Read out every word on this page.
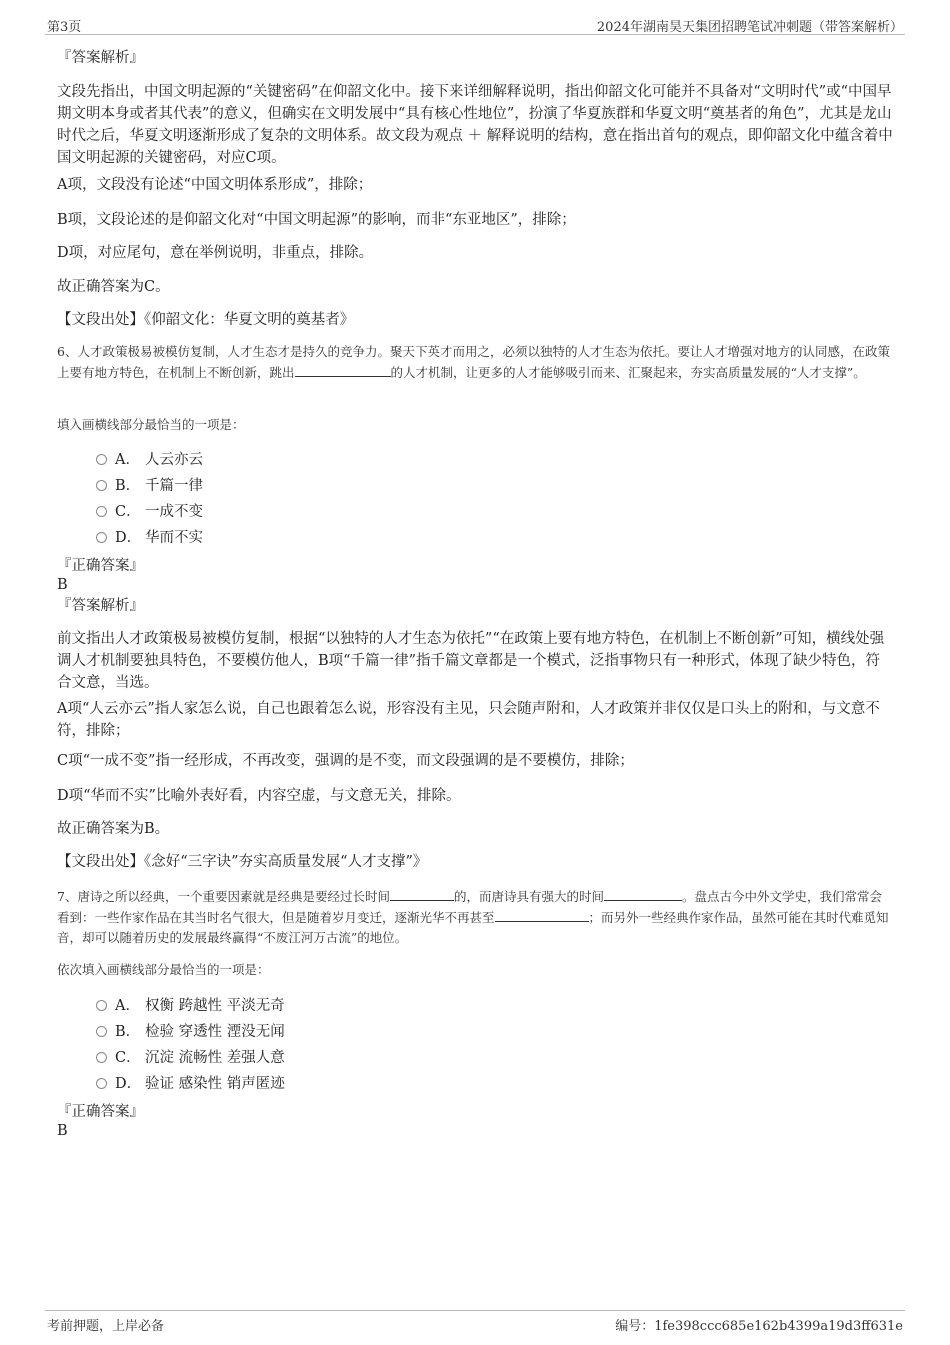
第3页	2024年湖南昊天集团招聘笔试冲刺题（带答案解析）
『答案解析』
文段先指出，中国文明起源的“关键密码”在仰韶文化中。接下来详细解释说明，指出仰韶文化可能并不具备对“文明时代”或“中国早期文明本身或者其代表”的意义，但确实在文明发展中“具有核心性地位”，扮演了华夏族群和华夏文明“奠基者的角色”，尤其是龙山时代之后，华夏文明逐渐形成了复杂的文明体系。故文段为观点 ＋ 解释说明的结构，意在指出首句的观点，即仰韶文化中蕴含着中国文明起源的关键密码，对应C项。
A项，文段没有论述“中国文明体系形成”，排除；
B项，文段论述的是仰韶文化对“中国文明起源”的影响，而非“东亚地区”，排除；
D项，对应尾句，意在举例说明，非重点，排除。
故正确答案为C。
【文段出处】《仰韶文化：华夏文明的奠基者》
6、人才政策极易被模仿复制，人才生态才是持久的竞争力。聚天下英才而用之，必须以独特的人才生态为依托。要让人才增强对地方的认同感，在政策上要有地方特色，在机制上不断创新，跳出	的人才机制，让更多的人才能够吸引而来、汇聚起来，夯实高质量发展的“人才支撑”。
填入画横线部分最恰当的一项是：
A． 人云亦云
B． 千篇一律
C． 一成不变
D． 华而不实
『正确答案』
B
『答案解析』
前文指出人才政策极易被模仿复制，根据“以独特的人才生态为依托”“在政策上要有地方特色，在机制上不断创新”可知，横线处强调人才机制要独具特色，不要模仿他人，B项“千篇一律”指千篇文章都是一个模式，泛指事物只有一种形式，体现了缺少特色，符合文意，当选。
A项“人云亦云”指人家怎么说，自己也跟着怎么说，形容没有主见，只会随声附和，人才政策并非仅仅是口头上的附和，与文意不符，排除；
C项“一成不变”指一经形成，不再改变，强调的是不变，而文段强调的是不要模仿，排除；
D项“华而不实”比喻外表好看，内容空虚，与文意无关，排除。
故正确答案为B。
【文段出处】《念好“三字诀”夯实高质量发展“人才支撑”》
7、唐诗之所以经典，一个重要因素就是经典是要经过长时间	的，而唐诗具有强大的时间	。盘点古今中外文学史，我们常常会看到：一些作家作品在其当时名气很大，但是随着岁月变迁，逐渐光华不再甚至	；而另外一些经典作家作品，虽然可能在其时代难觅知音，却可以随着历史的发展最终赢得“不废江河万古流”的地位。
依次填入画横线部分最恰当的一项是：
A． 权衡 跨越性 平淡无奇
B． 检验 穿透性 湮没无闻
C． 沉淀 流畅性 差强人意
D． 验证 感染性 销声匿迹
『正确答案』
B
考前押题，上岸必备	编号：1fe398ccc685e162b4399a19d3ff631e
